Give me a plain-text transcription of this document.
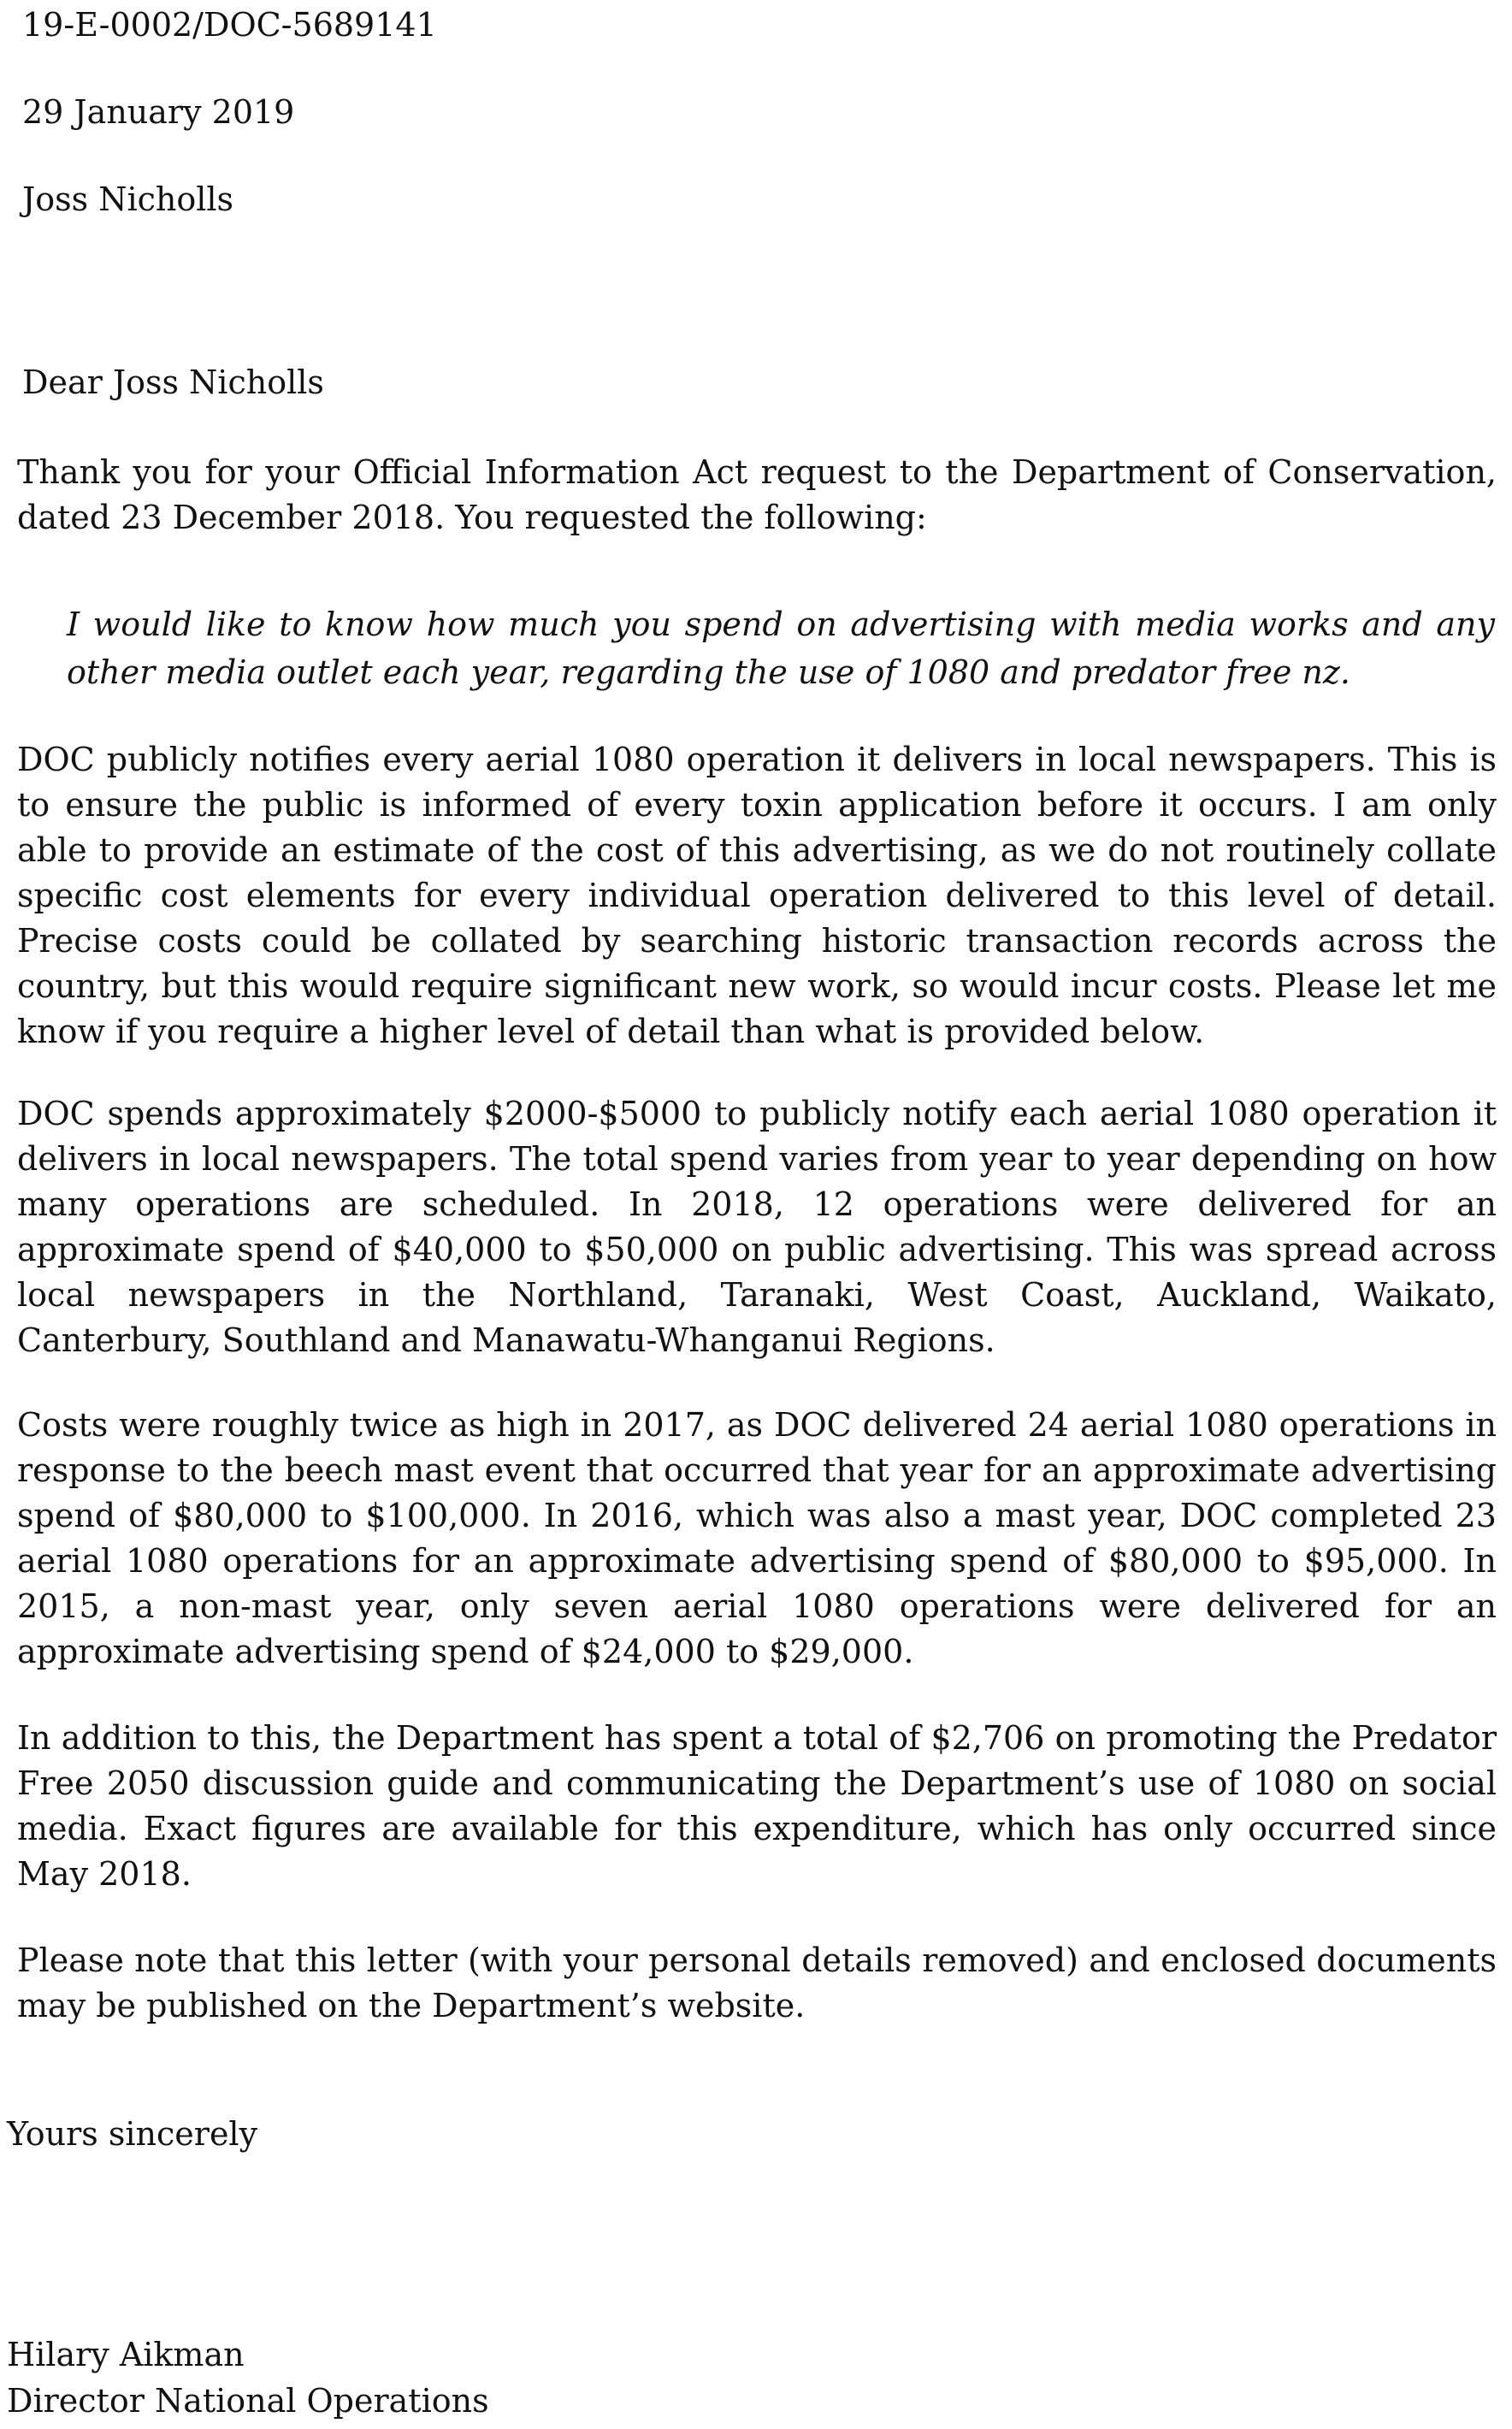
19-E-0002/DOC-5689141
29 January 2019
Joss Nicholls
Dear Joss Nicholls
Thank you for your Official Information Act request to the Department of Conservation, dated 23 December 2018. You requested the following:
I would like to know how much you spend on advertising with media works and any other media outlet each year, regarding the use of 1080 and predator free nz.
DOC publicly notifies every aerial 1080 operation it delivers in local newspapers. This is to ensure the public is informed of every toxin application before it occurs. I am only able to provide an estimate of the cost of this advertising, as we do not routinely collate specific cost elements for every individual operation delivered to this level of detail. Precise costs could be collated by searching historic transaction records across the country, but this would require significant new work, so would incur costs. Please let me know if you require a higher level of detail than what is provided below.
DOC spends approximately $2000-$5000 to publicly notify each aerial 1080 operation it delivers in local newspapers. The total spend varies from year to year depending on how many operations are scheduled. In 2018, 12 operations were delivered for an approximate spend of $40,000 to $50,000 on public advertising. This was spread across local newspapers in the Northland, Taranaki, West Coast, Auckland, Waikato, Canterbury, Southland and Manawatu-Whanganui Regions.
Costs were roughly twice as high in 2017, as DOC delivered 24 aerial 1080 operations in response to the beech mast event that occurred that year for an approximate advertising spend of $80,000 to $100,000. In 2016, which was also a mast year, DOC completed 23 aerial 1080 operations for an approximate advertising spend of $80,000 to $95,000. In 2015, a non-mast year, only seven aerial 1080 operations were delivered for an approximate advertising spend of $24,000 to $29,000.
In addition to this, the Department has spent a total of $2,706 on promoting the Predator Free 2050 discussion guide and communicating the Department’s use of 1080 on social media. Exact figures are available for this expenditure, which has only occurred since May 2018.
Please note that this letter (with your personal details removed) and enclosed documents may be published on the Department’s website.
Yours sincerely
Hilary Aikman
Director National Operations
